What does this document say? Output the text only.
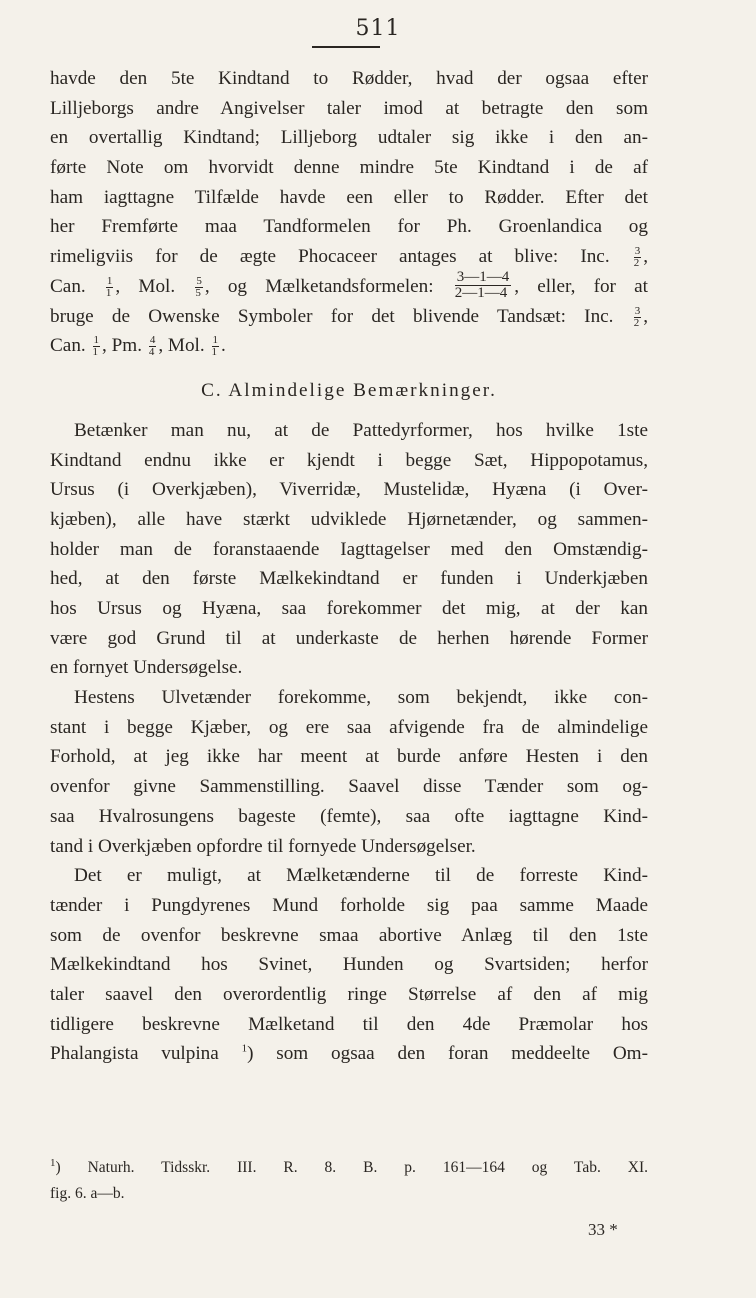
511
havde den 5te Kindtand to Rødder, hvad der ogsaa efter
Lilljeborgs andre Angivelser taler imod at betragte den som
en overtallig Kindtand; Lilljeborg udtaler sig ikke i den an-
førte Note om hvorvidt denne mindre 5te Kindtand i de af
ham iagttagne Tilfælde havde een eller to Rødder. Efter det
her Fremførte maa Tandformelen for Ph. Groenlandica og
rimeligviis for de ægte Phocaceer antages at blive: Inc. $\frac{3}{2}$ ,
Can. $\frac{1}{1}$ , Mol. $\frac{5}{5}$ , og Mælketandsformelen: $\frac{3—1—4}{2—1—4}$ , eller, for at
bruge de Owenske Symboler for det blivende Tandsæt: Inc. $\frac{3}{2}$ ,
Can. $\frac{1}{1}$ , Pm. $\frac{4}{4}$ , Mol. $\frac{1}{1}$ .
C. Almindelige Bemærkninger.
Betænker man nu, at de Pattedyrformer, hos hvilke 1ste
Kindtand endnu ikke er kjendt i begge Sæt, Hippopotamus,
Ursus (i Overkjæben), Viverridæ, Mustelidæ, Hyæna (i Over-
kjæben), alle have stærkt udviklede Hjørnetænder, og sammen-
holder man de foranstaaende Iagttagelser med den Omstændig-
hed, at den første Mælkekindtand er funden i Underkjæben
hos Ursus og Hyæna, saa forekommer det mig, at der kan
være god Grund til at underkaste de herhen hørende Former
en fornyet Undersøgelse.
Hestens Ulvetænder forekomme, som bekjendt, ikke con-
stant i begge Kjæber, og ere saa afvigende fra de almindelige
Forhold, at jeg ikke har meent at burde anføre Hesten i den
ovenfor givne Sammenstilling. Saavel disse Tænder som og-
saa Hvalrosungens bageste (femte), saa ofte iagttagne Kind-
tand i Overkjæben opfordre til fornyede Undersøgelser.
Det er muligt, at Mælketænderne til de forreste Kind-
tænder i Pungdyrenes Mund forholde sig paa samme Maade
som de ovenfor beskrevne smaa abortive Anlæg til den 1ste
Mælkekindtand hos Svinet, Hunden og Svartsiden; herfor
taler saavel den overordentlig ringe Størrelse af den af mig
tidligere beskrevne Mælketand til den 4de Præmolar hos
Phalangista vulpina $^1$) som ogsaa den foran meddeelte Om-
$^1$) Naturh. Tidsskr. III. R. 8. B. p. 161—164 og Tab. XI.
fig. 6. a—b.
33 *
